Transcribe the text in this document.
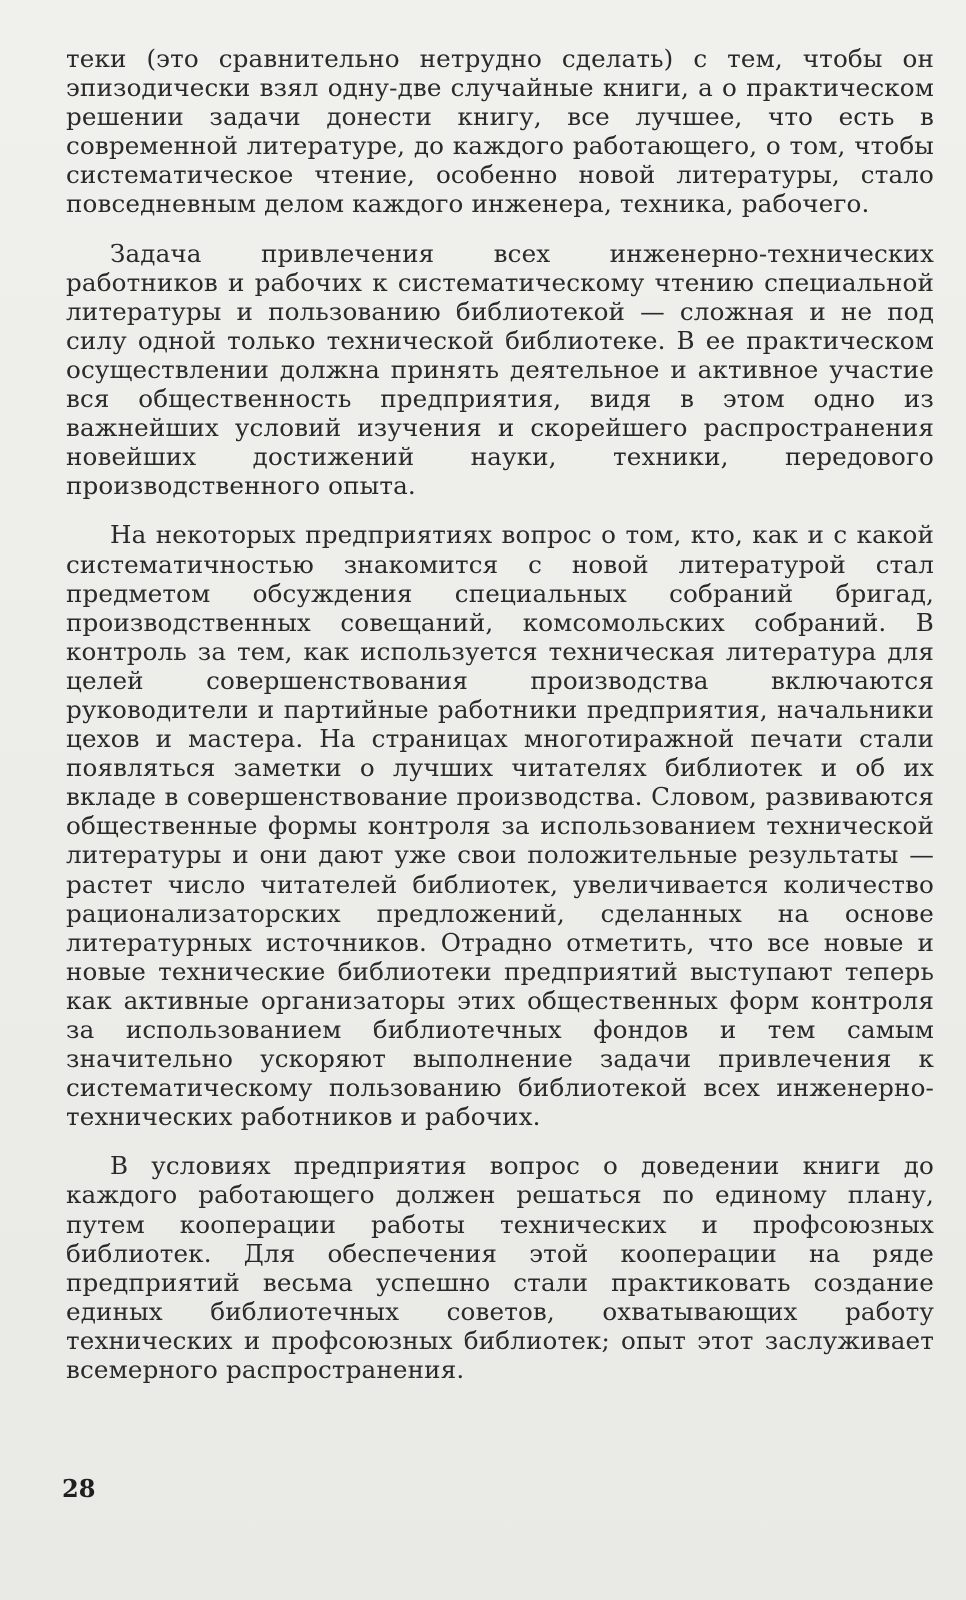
теки (это сравнительно нетрудно сделать) с тем, чтобы он эпизодически взял одну-две случайные книги, а о практическом решении задачи донести книгу, все лучшее, что есть в современной литературе, до каждого работающего, о том, чтобы систематическое чтение, особенно новой литературы, стало повседневным делом каждого инженера, техника, рабочего.

Задача привлечения всех инженерно-технических работников и рабочих к систематическому чтению специальной литературы и пользованию библиотекой — сложная и не под силу одной только технической библиотеке. В ее практическом осуществлении должна принять деятельное и активное участие вся общественность предприятия, видя в этом одно из важнейших условий изучения и скорейшего распространения новейших достижений науки, техники, передового производственного опыта.

На некоторых предприятиях вопрос о том, кто, как и с какой систематичностью знакомится с новой литературой стал предметом обсуждения специальных собраний бригад, производственных совещаний, комсомольских собраний. В контроль за тем, как используется техническая литература для целей совершенствования производства включаются руководители и партийные работники предприятия, начальники цехов и мастера. На страницах многотиражной печати стали появляться заметки о лучших читателях библиотек и об их вкладе в совершенствование производства. Словом, развиваются общественные формы контроля за использованием технической литературы и они дают уже свои положительные результаты — растет число читателей библиотек, увеличивается количество рационализаторских предложений, сделанных на основе литературных источников. Отрадно отметить, что все новые и новые технические библиотеки предприятий выступают теперь как активные организаторы этих общественных форм контроля за использованием библиотечных фондов и тем самым значительно ускоряют выполнение задачи привлечения к систематическому пользованию библиотекой всех инженерно-технических работников и рабочих.

В условиях предприятия вопрос о доведении книги до каждого работающего должен решаться по единому плану, путем кооперации работы технических и профсоюзных библиотек. Для обеспечения этой кооперации на ряде предприятий весьма успешно стали практиковать создание единых библиотечных советов, охватывающих работу технических и профсоюзных библиотек; опыт этот заслуживает всемерного распространения.

28
